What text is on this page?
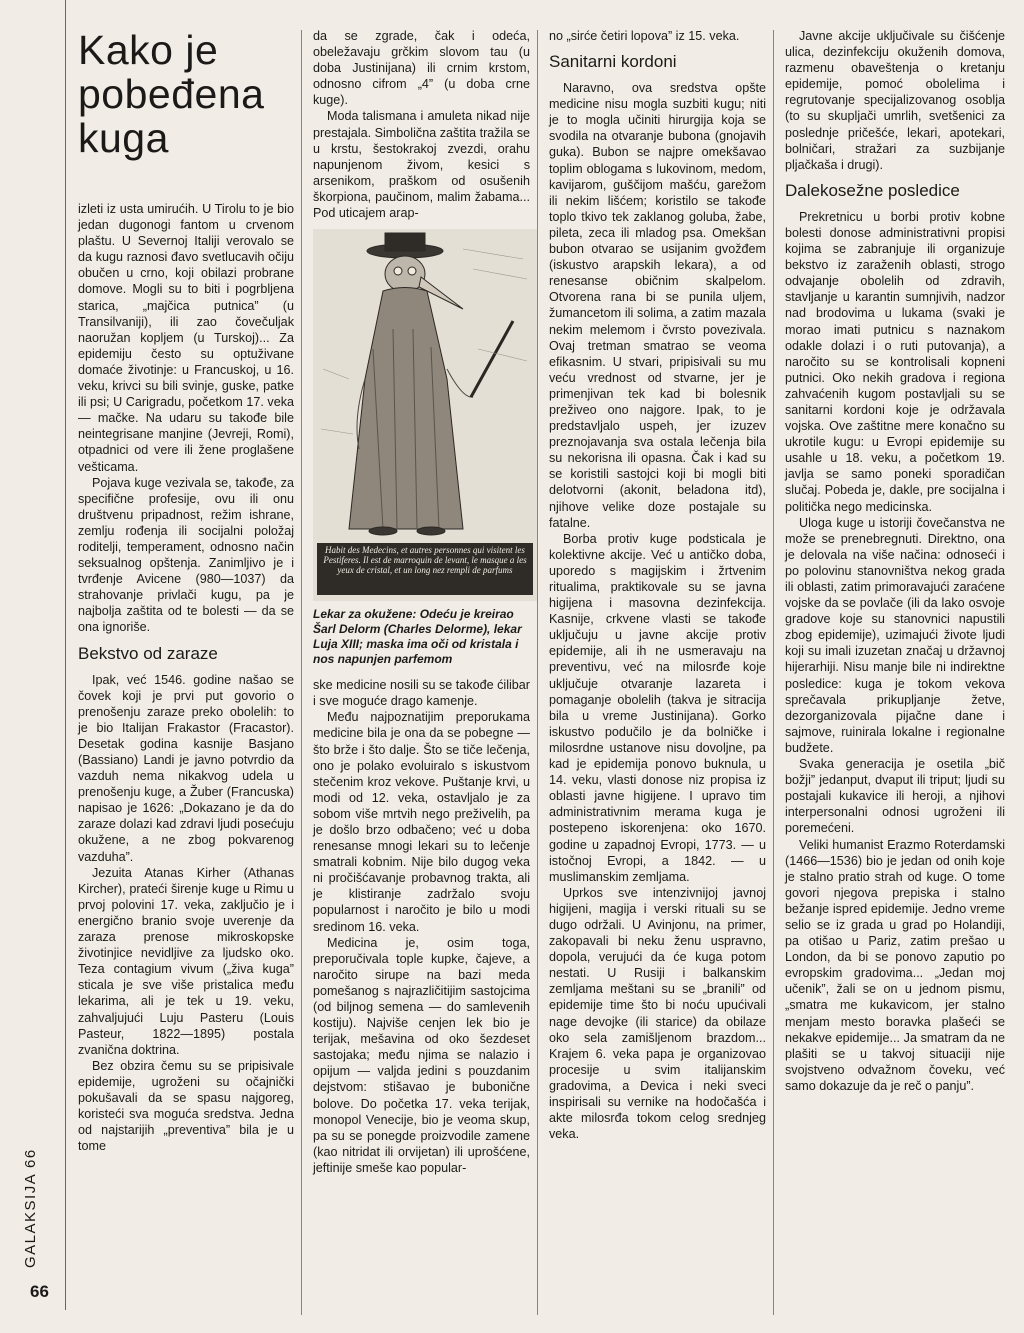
GALAKSIJA 66
66
Kako je
pobeđena
kuga

izleti iz usta umirućih. U Tirolu to je bio jedan dugonogi fantom u crvenom plaštu. U Severnoj Italiji verovalo se da kugu raznosi đavo svetlucavih očiju obučen u crno, koji obilazi probrane domove. Mogli su to biti i pogrbljena starica, „majčica putnica” (u Transilvaniji), ili zao čovečuljak naoružan kopljem (u Turskoj)... Za epidemiju često su optuživane domaće životinje: u Francuskoj, u 16. veku, krivci su bili svinje, guske, patke ili psi; U Carigradu, početkom 17. veka — mačke. Na udaru su takođe bile neintegrisane manjine (Jevreji, Romi), otpadnici od vere ili žene proglašene vešticama.

Pojava kuge vezivala se, takođe, za specifične profesije, ovu ili onu društvenu pripadnost, režim ishrane, zemlju rođenja ili socijalni položaj roditelji, temperament, odnosno način seksualnog opštenja. Zanimljivo je i tvrđenje Avicene (980—1037) da strahovanje privlači kugu, pa je najbolja zaštita od te bolesti — da se ona ignoriše.

Bekstvo od zaraze

Ipak, već 1546. godine našao se čovek koji je prvi put govorio o prenošenju zaraze preko obolelih: to je bio Italijan Frakastor (Fracastor). Desetak godina kasnije Basjano (Bassiano) Landi je javno potvrdio da vazduh nema nikakvog udela u prenošenju kuge, a Žuber (Francuska) napisao je 1626: „Dokazano je da do zaraze dolazi kad zdravi ljudi posećuju okužene, a ne zbog pokvarenog vazduha”.

Jezuita Atanas Kirher (Athanas Kircher), prateći širenje kuge u Rimu u prvoj polovini 17. veka, zaključio je i energično branio svoje uverenje da zaraza prenose mikroskopske životinjice nevidljive za ljudsko oko. Teza contagium vivum („živa kuga” sticala je sve više pristalica među lekarima, ali je tek u 19. veku, zahvaljujući Luju Pasteru (Louis Pasteur, 1822—1895) postala zvanična doktrina.

Bez obzira čemu su se pripisivale epidemije, ugroženi su očajnički pokušavali da se spasu najgoreg, koristeći sva moguća sredstva. Jedna od najstarijih „preventiva” bila je u tome

da se zgrade, čak i odeća, obeležavaju grčkim slovom tau (u doba Justinijana) ili crnim krstom, odnosno cifrom „4” (u doba crne kuge).

Moda talismana i amuleta nikad nije prestajala. Simbolična zaštita tražila se u krstu, šestokrakoj zvezdi, orahu napunjenom živom, kesici s arsenikom, praškom od osušenih škorpiona, paučinom, malim žabama... Pod uticajem arap-

Habit des Medecins, et autres personnes qui visitent les Pestiferes. Il est de marroquin de levant, le masque a les yeux de cristal, et un long nez rempli de parfums

Lekar za okužene: Odeću je kreirao Šarl Delorm (Charles Delorme), lekar Luja XIII; maska ima oči od kristala i nos napunjen parfemom

ske medicine nosili su se takođe ćilibar i sve moguće drago kamenje.

Među najpoznatijim preporukama medicine bila je ona da se pobegne — što brže i što dalje. Što se tiče lečenja, ono je polako evoluiralo s iskustvom stečenim kroz vekove. Puštanje krvi, u modi od 12. veka, ostavljalo je za sobom više mrtvih nego preživelih, pa je došlo brzo odbačeno; već u doba renesanse mnogi lekari su to lečenje smatrali kobnim. Nije bilo dugog veka ni pročišćavanje probavnog trakta, ali je klistiranje zadržalo svoju popularnost i naročito je bilo u modi sredinom 16. veka.

Medicina je, osim toga, preporučivala tople kupke, čajeve, a naročito sirupe na bazi meda pomešanog s najrazličitijim sastojcima (od biljnog semena — do samlevenih kostiju). Najviše cenjen lek bio je terijak, mešavina od oko šezdeset sastojaka; među njima se nalazio i opijum — valjda jedini s pouzdanim dejstvom: stišavao je bubonične bolove. Do početka 17. veka terijak, monopol Venecije, bio je veoma skup, pa su se ponegde proizvodile zamene (kao nitridat ili orvijetan) ili uprošćene, jeftinije smeše kao popular-

no „sirće četiri lopova” iz 15. veka.

Sanitarni kordoni

Naravno, ova sredstva opšte medicine nisu mogla suzbiti kugu; niti je to mogla učiniti hirurgija koja se svodila na otvaranje bubona (gnojavih guka). Bubon se najpre omekšavao toplim oblogama s lukovinom, medom, kavijarom, guščijom mašću, garežom ili nekim lišćem; koristilo se takođe toplo tkivo tek zaklanog goluba, žabe, pileta, zeca ili mladog psa. Omekšan bubon otvarao se usijanim gvožđem (iskustvo arapskih lekara), a od renesanse običnim skalpelom. Otvorena rana bi se punila uljem, žumancetom ili solima, a zatim mazala nekim melemom i čvrsto povezivala. Ovaj tretman smatrao se veoma efikasnim. U stvari, pripisivali su mu veću vrednost od stvarne, jer je primenjivan tek kad bi bolesnik preživeo ono najgore. Ipak, to je predstavljalo uspeh, jer izuzev preznojavanja sva ostala lečenja bila su nekorisna ili opasna. Čak i kad su se koristili sastojci koji bi mogli biti delotvorni (akonit, beladona itd), njihove velike doze postajale su fatalne.

Borba protiv kuge podsticala je kolektivne akcije. Već u antičko doba, uporedo s magijskim i žrtvenim ritualima, praktikovale su se javna higijena i masovna dezinfekcija. Kasnije, crkvene vlasti se takođe uključuju u javne akcije protiv epidemije, ali ih ne usmeravaju na preventivu, već na milosrđe koje uključuje otvaranje lazareta i pomaganje obolelih (takva je sitracija bila u vreme Justinijana). Gorko iskustvo podučilo je da bolničke i milosrdne ustanove nisu dovoljne, pa kad je epidemija ponovo buknula, u 14. veku, vlasti donose niz propisa iz oblasti javne higijene. I upravo tim administrativnim merama kuga je postepeno iskorenjena: oko 1670. godine u zapadnoj Evropi, 1773. — u istočnoj Evropi, a 1842. — u muslimanskim zemljama.

Uprkos sve intenzivnijoj javnoj higijeni, magija i verski rituali su se dugo održali. U Avinjonu, na primer, zakopavali bi neku ženu uspravno, dopola, verujući da će kuga potom nestati. U Rusiji i balkanskim zemljama meštani su se „branili” od epidemije time što bi noću upućivali nage devojke (ili starice) da obilaze oko sela zamišljenom brazdom... Krajem 6. veka papa je organizovao procesije u svim italijanskim gradovima, a Devica i neki sveci inspirisali su vernike na hodočašća i akte milosrđa tokom celog srednjeg veka.

Javne akcije uključivale su čišćenje ulica, dezinfekciju okuženih domova, razmenu obaveštenja o kretanju epidemije, pomoć obolelima i regrutovanje specijalizovanog osoblja (to su skupljači umrlih, svetšenici za poslednje pričešće, lekari, apotekari, bolničari, stražari za suzbijanje pljačkaša i drugi).

Dalekosežne posledice

Prekretnicu u borbi protiv kobne bolesti donose administrativni propisi kojima se zabranjuje ili organizuje bekstvo iz zaraženih oblasti, strogo odvajanje obolelih od zdravih, stavljanje u karantin sumnjivih, nadzor nad brodovima u lukama (svaki je morao imati putnicu s naznakom odakle dolazi i o ruti putovanja), a naročito su se kontrolisali kopneni putnici. Oko nekih gradova i regiona zahvaćenih kugom postavljali su se sanitarni kordoni koje je održavala vojska. Ove zaštitne mere konačno su ukrotile kugu: u Evropi epidemije su usahle u 18. veku, a početkom 19. javlja se samo poneki sporadičan slučaj. Pobeda je, dakle, pre socijalna i politička nego medicinska.

Uloga kuge u istoriji čovečanstva ne može se prenebregnuti. Direktno, ona je delovala na više načina: odnoseći i po polovinu stanovništva nekog grada ili oblasti, zatim primoravajući zaraćene vojske da se povlače (ili da lako osvoje gradove koje su stanovnici napustili zbog epidemije), uzimajući živote ljudi koji su imali izuzetan značaj u državnoj hijerarhiji. Nisu manje bile ni indirektne posledice: kuga je tokom vekova sprečavala prikupljanje žetve, dezorganizovala pijačne dane i sajmove, ruinirala lokalne i regionalne budžete.

Svaka generacija je osetila „bič božji” jedanput, dvaput ili triput; ljudi su postajali kukavice ili heroji, a njihovi interpersonalni odnosi ugroženi ili poremećeni.

Veliki humanist Erazmo Roterdamski (1466—1536) bio je jedan od onih koje je stalno pratio strah od kuge. O tome govori njegova prepiska i stalno bežanje ispred epidemije. Jedno vreme selio se iz grada u grad po Holandiji, pa otišao u Pariz, zatim prešao u London, da bi se ponovo zaputio po evropskim gradovima... „Jedan moj učenik”, žali se on u jednom pismu, „smatra me kukavicom, jer stalno menjam mesto boravka plašeći se nekakve epidemije... Ja smatram da ne plašiti se u takvoj situaciji nije svojstveno odvažnom čoveku, već samo dokazuje da je reč o panju”.
